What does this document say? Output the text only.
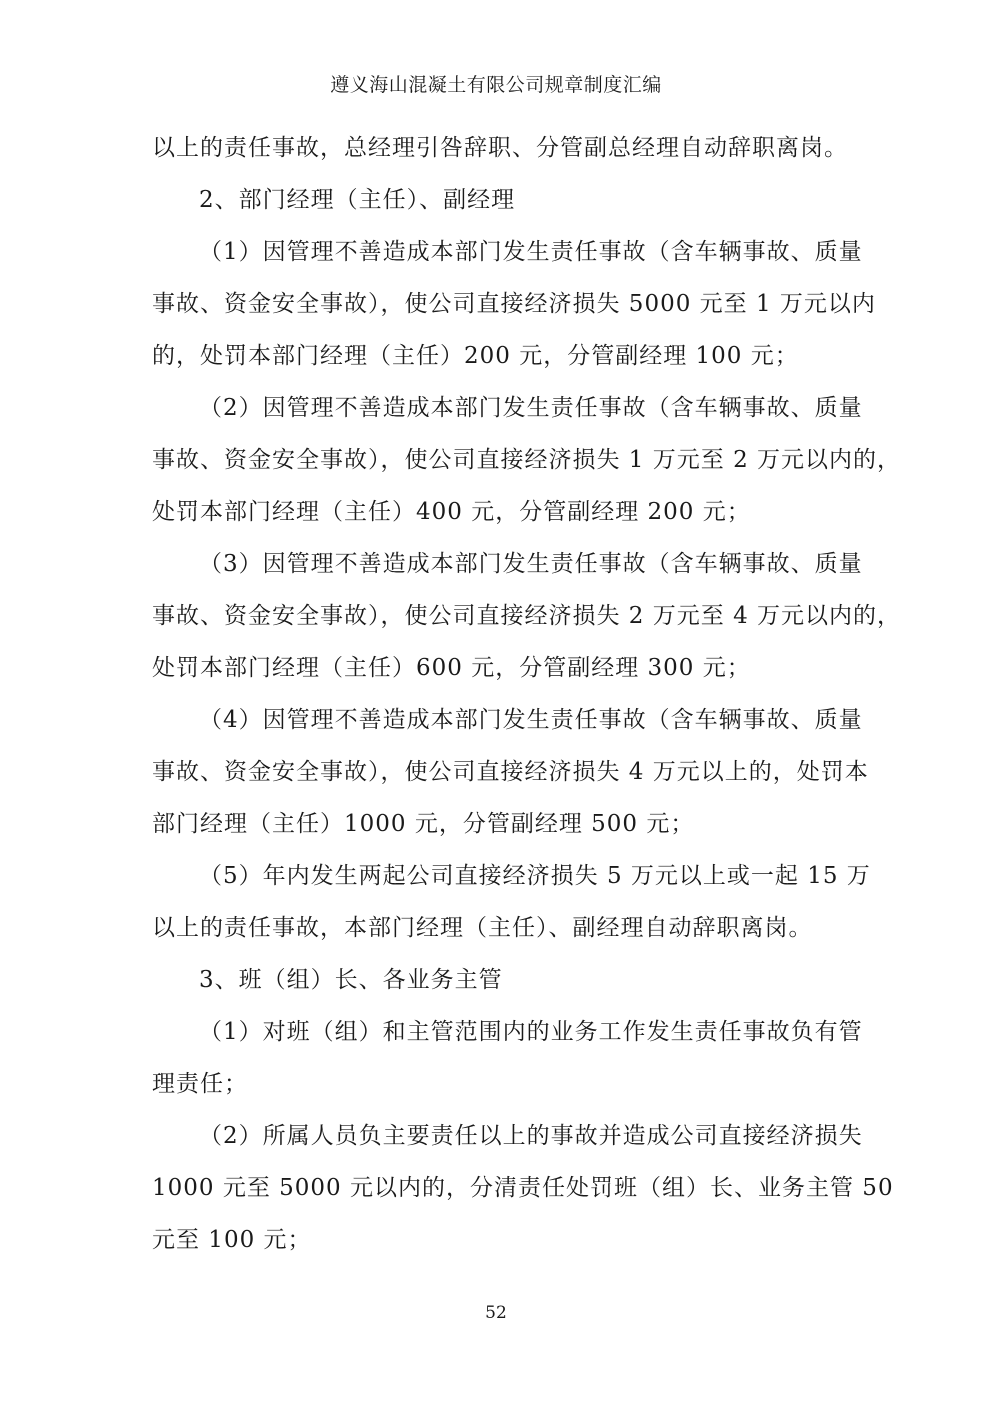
遵义海山混凝土有限公司规章制度汇编
以上的责任事故，总经理引咎辞职、分管副总经理自动辞职离岗。
2、部门经理（主任）、副经理
（1）因管理不善造成本部门发生责任事故（含车辆事故、质量
事故、资金安全事故），使公司直接经济损失 5000 元至 1 万元以内
的，处罚本部门经理（主任）200 元，分管副经理 100 元；
（2）因管理不善造成本部门发生责任事故（含车辆事故、质量
事故、资金安全事故），使公司直接经济损失 1 万元至 2 万元以内的，
处罚本部门经理（主任）400 元，分管副经理 200 元；
（3）因管理不善造成本部门发生责任事故（含车辆事故、质量
事故、资金安全事故），使公司直接经济损失 2 万元至 4 万元以内的，
处罚本部门经理（主任）600 元，分管副经理 300 元；
（4）因管理不善造成本部门发生责任事故（含车辆事故、质量
事故、资金安全事故），使公司直接经济损失 4 万元以上的，处罚本
部门经理（主任）1000 元，分管副经理 500 元；
（5）年内发生两起公司直接经济损失 5 万元以上或一起 15 万
以上的责任事故，本部门经理（主任）、副经理自动辞职离岗。
3、班（组）长、各业务主管
（1）对班（组）和主管范围内的业务工作发生责任事故负有管
理责任；
（2）所属人员负主要责任以上的事故并造成公司直接经济损失
1000 元至 5000 元以内的，分清责任处罚班（组）长、业务主管 50
元至 100 元；
52
